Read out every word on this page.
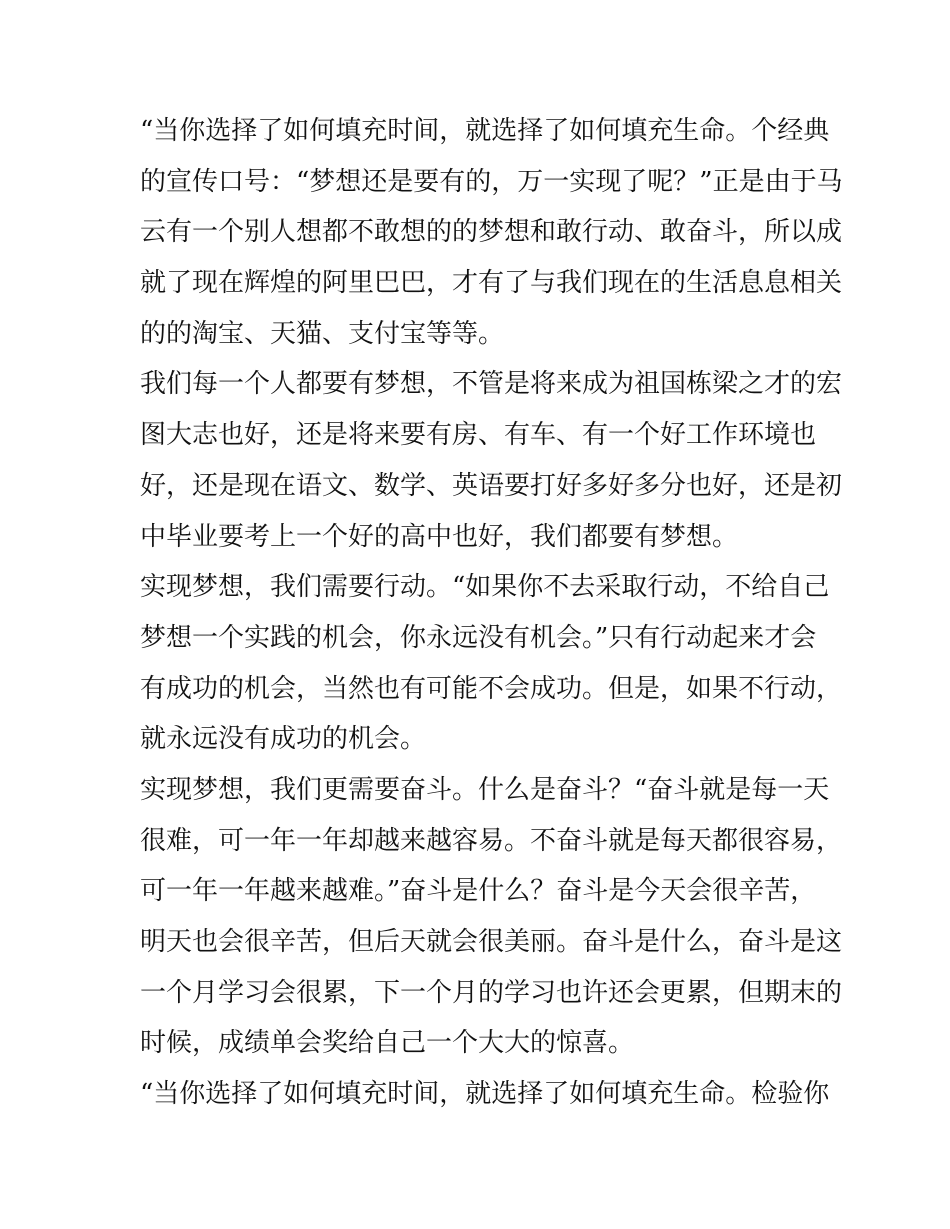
“当你选择了如何填充时间，就选择了如何填充生命。个经典
的宣传口号：“梦想还是要有的，万一实现了呢？”正是由于马
云有一个别人想都不敢想的的梦想和敢行动、敢奋斗，所以成
就了现在辉煌的阿里巴巴，才有了与我们现在的生活息息相关
的的淘宝、天猫、支付宝等等。
我们每一个人都要有梦想，不管是将来成为祖国栋梁之才的宏
图大志也好，还是将来要有房、有车、有一个好工作环境也
好，还是现在语文、数学、英语要打好多好多分也好，还是初
中毕业要考上一个好的高中也好，我们都要有梦想。
实现梦想，我们需要行动。“如果你不去采取行动，不给自己
梦想一个实践的机会，你永远没有机会。”只有行动起来才会
有成功的机会，当然也有可能不会成功。但是，如果不行动，
就永远没有成功的机会。
实现梦想，我们更需要奋斗。什么是奋斗？“奋斗就是每一天
很难，可一年一年却越来越容易。不奋斗就是每天都很容易，
可一年一年越来越难。”奋斗是什么？奋斗是今天会很辛苦，
明天也会很辛苦，但后天就会很美丽。奋斗是什么，奋斗是这
一个月学习会很累，下一个月的学习也许还会更累，但期末的
时候，成绩单会奖给自己一个大大的惊喜。
“当你选择了如何填充时间，就选择了如何填充生命。检验你
